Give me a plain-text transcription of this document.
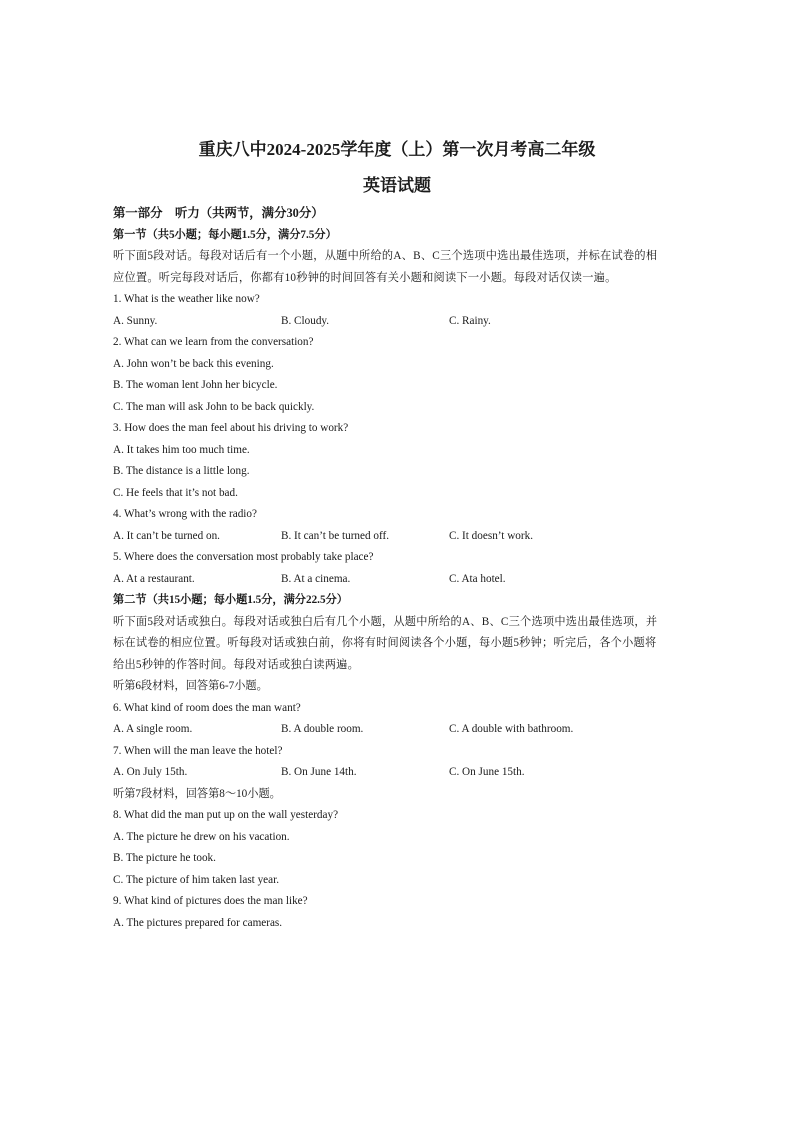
重庆八中2024-2025学年度（上）第一次月考高二年级
英语试题
第一部分　听力（共两节，满分30分）
第一节（共5小题；每小题1.5分，满分7.5分）
听下面5段对话。每段对话后有一个小题，从题中所给的A、B、C三个选项中选出最佳选项，并标在试卷的相
应位置。听完每段对话后，你都有10秒钟的时间回答有关小题和阅读下一小题。每段对话仅读一遍。
1. What is the weather like now?
A. Sunny.	B. Cloudy.	C. Rainy.
2. What can we learn from the conversation?
A. John won’t be back this evening.
B. The woman lent John her bicycle.
C. The man will ask John to be back quickly.
3. How does the man feel about his driving to work?
A. It takes him too much time.
B. The distance is a little long.
C. He feels that it’s not bad.
4. What’s wrong with the radio?
A. It can’t be turned on.	B. It can’t be turned off.	C. It doesn’t work.
5. Where does the conversation most probably take place?
A. At a restaurant.	B. At a cinema.	C. Ata hotel.
第二节（共15小题；每小题1.5分，满分22.5分）
听下面5段对话或独白。每段对话或独白后有几个小题，从题中所给的A、B、C三个选项中选出最佳选项，并
标在试卷的相应位置。听每段对话或独白前，你将有时间阅读各个小题，每小题5秒钟；听完后，各个小题将
给出5秒钟的作答时间。每段对话或独白读两遍。
听第6段材料，回答第6-7小题。
6. What kind of room does the man want?
A. A single room.	B. A double room.	C. A double with bathroom.
7. When will the man leave the hotel?
A. On July 15th.	B. On June 14th.	C. On June 15th.
听第7段材料，回答第8～10小题。
8. What did the man put up on the wall yesterday?
A. The picture he drew on his vacation.
B. The picture he took.
C. The picture of him taken last year.
9. What kind of pictures does the man like?
A. The pictures prepared for cameras.
